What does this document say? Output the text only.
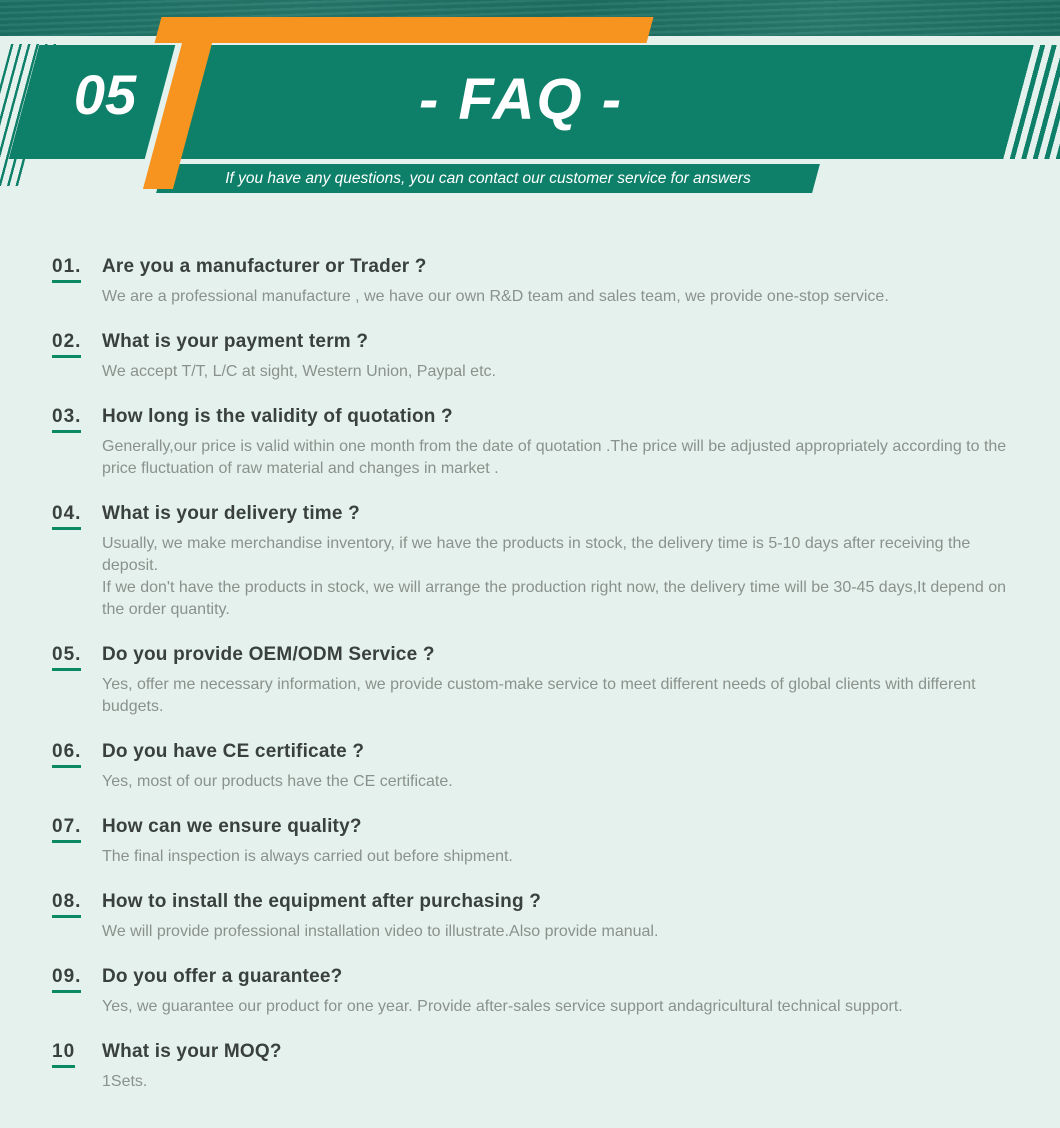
05	- FAQ -
If you have any questions, you can contact our customer service for answers
01. Are you a manufacturer or Trader ?
We are a professional manufacture , we have our own R&D team and sales team, we provide one-stop service.
02. What is your payment term ?
We accept T/T, L/C at sight, Western Union, Paypal etc.
03. How long is the validity of quotation ?
Generally,our price is valid within one month from the date of quotation .The price will be adjusted appropriately according to the price fluctuation of raw material and changes in market .
04. What is your delivery time ?
Usually, we make merchandise inventory, if we have the products in stock, the delivery time is 5-10 days after receiving the deposit.
If we don't have the products in stock, we will arrange the production right now, the delivery time will be 30-45 days,It depend on the order quantity.
05. Do you provide OEM/ODM Service ?
Yes, offer me necessary information, we provide custom-make service to meet different needs of global clients with different budgets.
06. Do you have CE certificate ?
Yes, most of our products have the CE certificate.
07. How can we ensure quality?
The final inspection is always carried out before shipment.
08. How to install the equipment after purchasing ?
We will provide professional installation video to illustrate.Also provide manual.
09. Do you offer a guarantee?
Yes, we guarantee our product for one year. Provide after-sales service support andagricultural technical support.
10 What is your MOQ?
1Sets.
